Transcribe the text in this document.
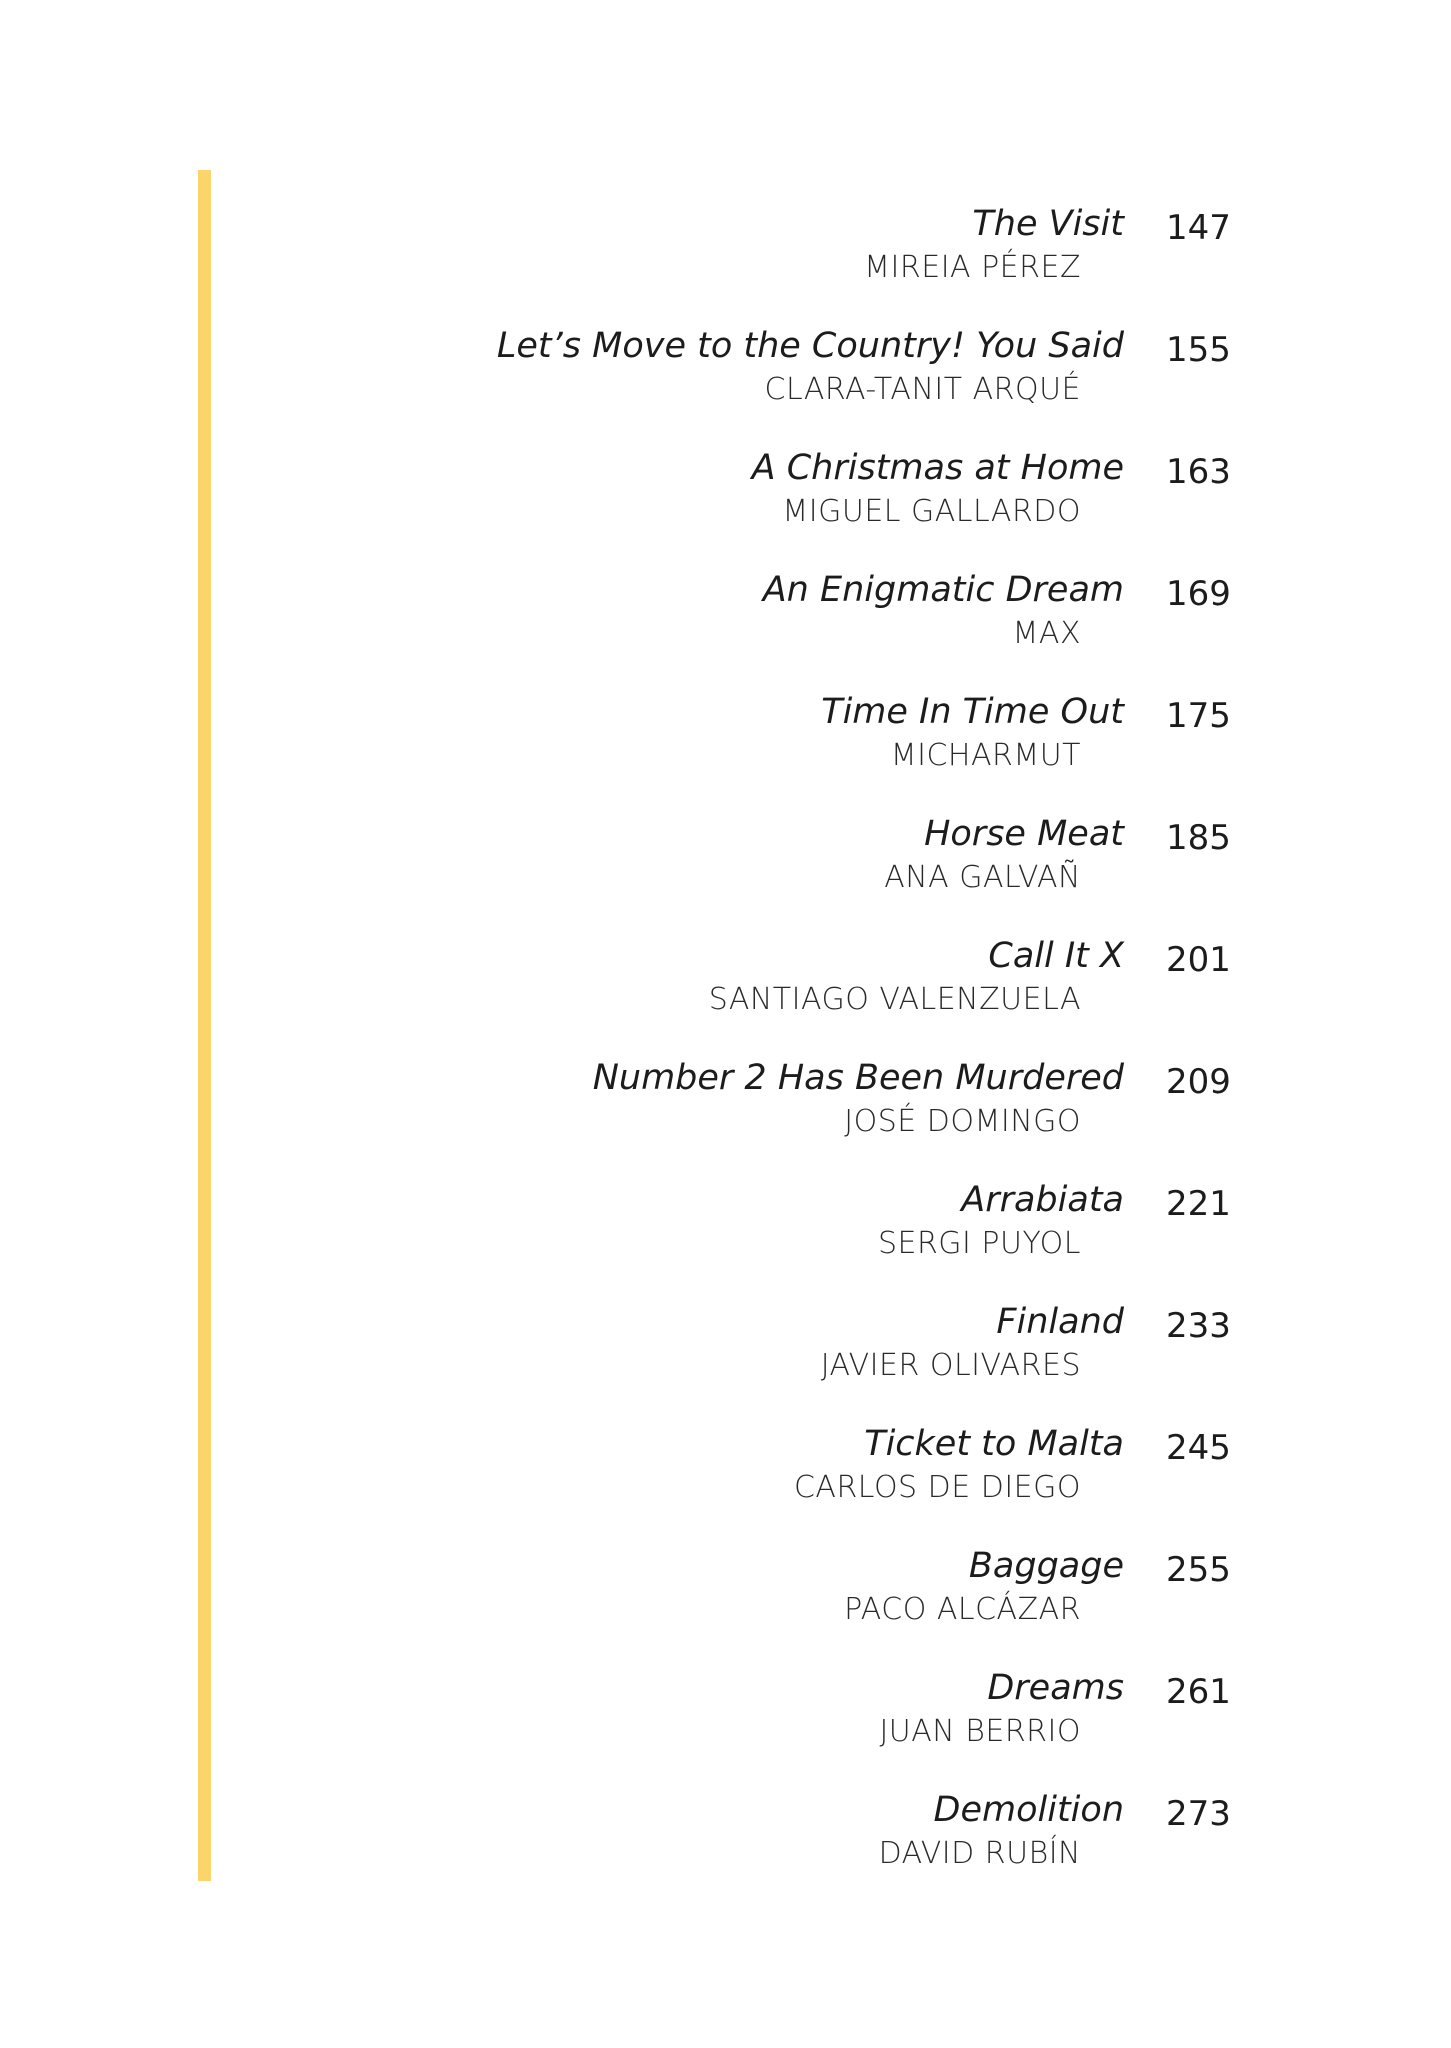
The Visit 147
MIREIA PÉREZ
Let’s Move to the Country! You Said 155
CLARA-TANIT ARQUÉ
A Christmas at Home 163
MIGUEL GALLARDO
An Enigmatic Dream 169
MAX
Time In Time Out 175
MICHARMUT
Horse Meat 185
ANA GALVAÑ
Call It X 201
SANTIAGO VALENZUELA
Number 2 Has Been Murdered 209
JOSÉ DOMINGO
Arrabiata 221
SERGI PUYOL
Finland 233
JAVIER OLIVARES
Ticket to Malta 245
CARLOS DE DIEGO
Baggage 255
PACO ALCÁZAR
Dreams 261
JUAN BERRIO
Demolition 273
DAVID RUBÍN
